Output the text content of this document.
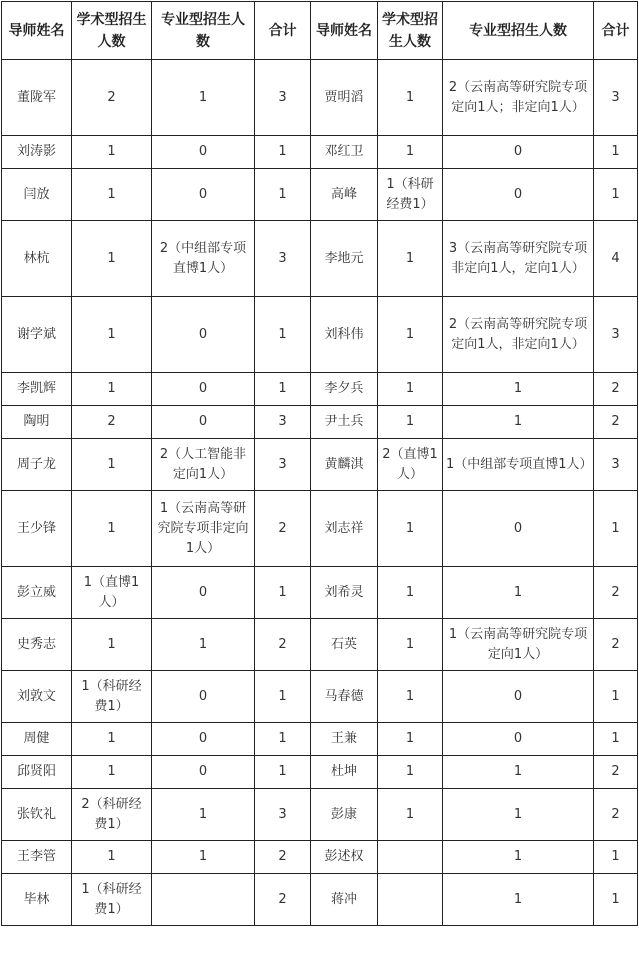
导师姓名	学术型招生人数	专业型招生人数	合计	导师姓名	学术型招生人数	专业型招生人数	合计
董陇军	2	1	3	贾明滔	1	2（云南高等研究院专项定向1人；非定向1人）	3
刘涛影	1	0	1	邓红卫	1	0	1
闫放	1	0	1	高峰	1（科研经费1）	0	1
林杭	1	2（中组部专项直博1人）	3	李地元	1	3（云南高等研究院专项非定向1人，定向1人）	4
谢学斌	1	0	1	刘科伟	1	2（云南高等研究院专项定向1人，非定向1人）	3
李凯辉	1	0	1	李夕兵	1	1	2
陶明	2	0	3	尹土兵	1	1	2
周子龙	1	2（人工智能非定向1人）	3	黄麟淇	2（直博1人）	1（中组部专项直博1人）	3
王少锋	1	1（云南高等研究院专项非定向1人）	2	刘志祥	1	0	1
彭立威	1（直博1人）	0	1	刘希灵	1	1	2
史秀志	1	1	2	石英	1	1（云南高等研究院专项定向1人）	2
刘敦文	1（科研经费1）	0	1	马春德	1	0	1
周健	1	0	1	王兼	1	0	1
邱贤阳	1	0	1	杜坤	1	1	2
张钦礼	2（科研经费1）	1	3	彭康	1	1	2
王李管	1	1	2	彭述权		1	1
毕林	1（科研经费1）		2	蒋冲		1	1
